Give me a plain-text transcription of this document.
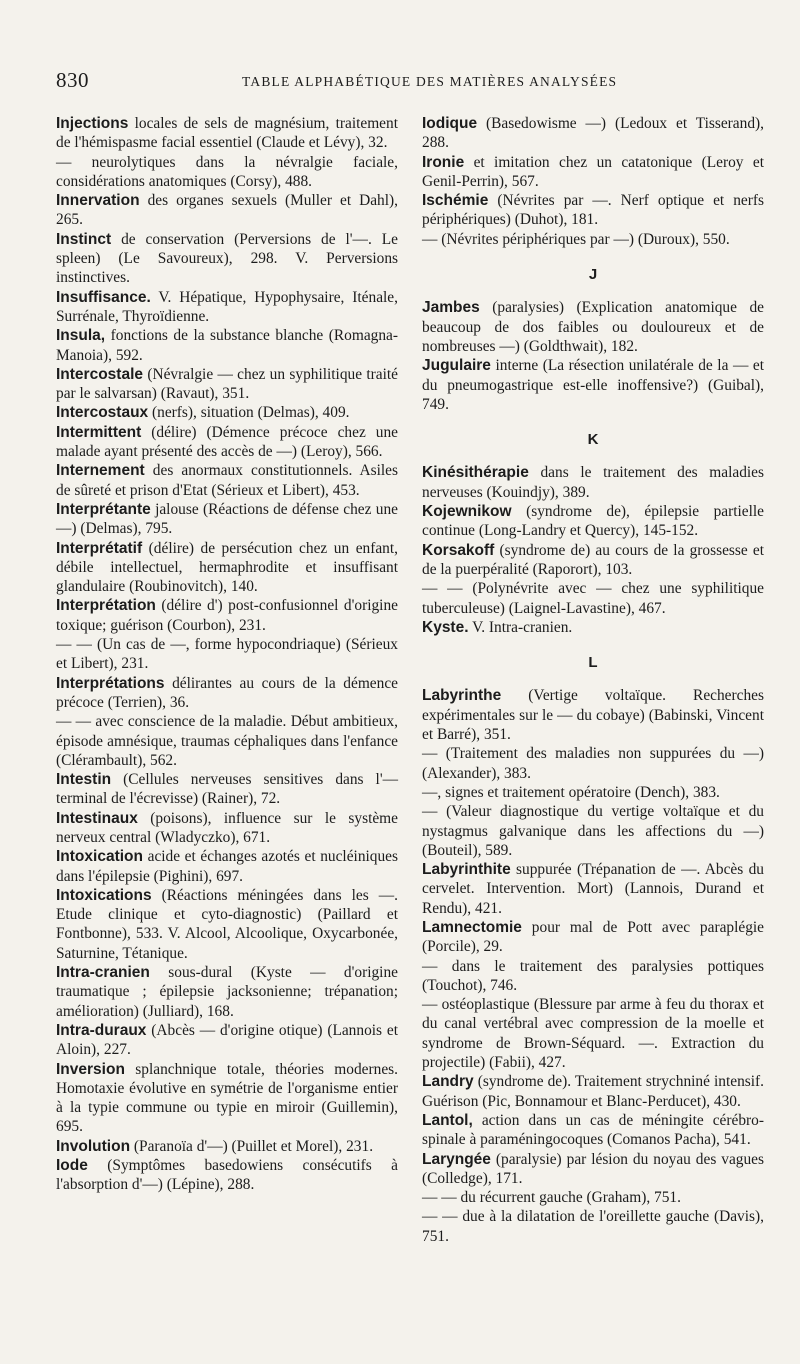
830	TABLE ALPHABÉTIQUE DES MATIÈRES ANALYSÉES
Injections locales de sels de magnésium, traitement de l'hémispasme facial essentiel (Claude et Lévy), 32.
— neurolytiques dans la névralgie faciale, considérations anatomiques (Corsy), 488.
Innervation des organes sexuels (Muller et Dahl), 265.
Instinct de conservation (Perversions de l'—. Le spleen) (Le Savoureux), 298. V. Perversions instinctives.
Insuffisance. V. Hépatique, Hypophysaire, Iténale, Surrénale, Thyroïdienne.
Insula, fonctions de la substance blanche (Romagna-Manoia), 592.
Intercostale (Névralgie — chez un syphilitique traité par le salvarsan) (Ravaut), 351.
Intercostaux (nerfs), situation (Delmas), 409.
Intermittent (délire) (Démence précoce chez une malade ayant présenté des accès de —) (Leroy), 566.
Internement des anormaux constitutionnels. Asiles de sûreté et prison d'Etat (Sérieux et Libert), 453.
Interprétante jalouse (Réactions de défense chez une —) (Delmas), 795.
Interprétatif (délire) de persécution chez un enfant, débile intellectuel, hermaphrodite et insuffisant glandulaire (Roubinovitch), 140.
Interprétation (délire d') post-confusionnel d'origine toxique; guérison (Courbon), 231.
— — (Un cas de —, forme hypocondriaque) (Sérieux et Libert), 231.
Interprétations délirantes au cours de la démence précoce (Terrien), 36.
— — avec conscience de la maladie. Début ambitieux, épisode amnésique, traumas céphaliques dans l'enfance (Clérambault), 562.
Intestin (Cellules nerveuses sensitives dans l'— terminal de l'écrevisse) (Rainer), 72.
Intestinaux (poisons), influence sur le système nerveux central (Wladyczko), 671.
Intoxication acide et échanges azotés et nucléiniques dans l'épilepsie (Pighini), 697.
Intoxications (Réactions méningées dans les —. Etude clinique et cyto-diagnostic) (Paillard et Fontbonne), 533. V. Alcool, Alcoolique, Oxycarbonée, Saturnine, Tétanique.
Intra-cranien sous-dural (Kyste — d'origine traumatique ; épilepsie jacksonienne; trépanation; amélioration) (Julliard), 168.
Intra-duraux (Abcès — d'origine otique) (Lannois et Aloin), 227.
Inversion splanchnique totale, théories modernes. Homotaxie évolutive en symétrie de l'organisme entier à la typie commune ou typie en miroir (Guillemin), 695.
Involution (Paranoïa d'—) (Puillet et Morel), 231.
Iode (Symptômes basedowiens consécutifs à l'absorption d'—) (Lépine), 288.
Iodique (Basedowisme —) (Ledoux et Tisserand), 288.
Ironie et imitation chez un catatonique (Leroy et Genil-Perrin), 567.
Ischémie (Névrites par —. Nerf optique et nerfs périphériques) (Duhot), 181.
— (Névrites périphériques par —) (Duroux), 550.
J
Jambes (paralysies) (Explication anatomique de beaucoup de dos faibles ou douloureux et de nombreuses —) (Goldthwait), 182.
Jugulaire interne (La résection unilatérale de la — et du pneumogastrique est-elle inoffensive?) (Guibal), 749.
K
Kinésithérapie dans le traitement des maladies nerveuses (Kouindjy), 389.
Kojewnikow (syndrome de), épilepsie partielle continue (Long-Landry et Quercy), 145-152.
Korsakoff (syndrome de) au cours de la grossesse et de la puerpéralité (Raporort), 103.
— — (Polynévrite avec — chez une syphilitique tuberculeuse) (Laignel-Lavastine), 467.
Kyste. V. Intra-cranien.
L
Labyrinthe (Vertige voltaïque. Recherches expérimentales sur le — du cobaye) (Babinski, Vincent et Barré), 351.
— (Traitement des maladies non suppurées du —) (Alexander), 383.
—, signes et traitement opératoire (Dench), 383.
— (Valeur diagnostique du vertige voltaïque et du nystagmus galvanique dans les affections du —) (Bouteil), 589.
Labyrinthite suppurée (Trépanation de —. Abcès du cervelet. Intervention. Mort) (Lannois, Durand et Rendu), 421.
Lamnectomie pour mal de Pott avec paraplégie (Porcile), 29.
— dans le traitement des paralysies pottiques (Touchot), 746.
— ostéoplastique (Blessure par arme à feu du thorax et du canal vertébral avec compression de la moelle et syndrome de Brown-Séquard. —. Extraction du projectile) (Fabii), 427.
Landry (syndrome de). Traitement strychniné intensif. Guérison (Pic, Bonnamour et Blanc-Perducet), 430.
Lantol, action dans un cas de méningite cérébro-spinale à paraméningocoques (Comanos Pacha), 541.
Laryngée (paralysie) par lésion du noyau des vagues (Colledge), 171.
— — du récurrent gauche (Graham), 751.
— — due à la dilatation de l'oreillette gauche (Davis), 751.
